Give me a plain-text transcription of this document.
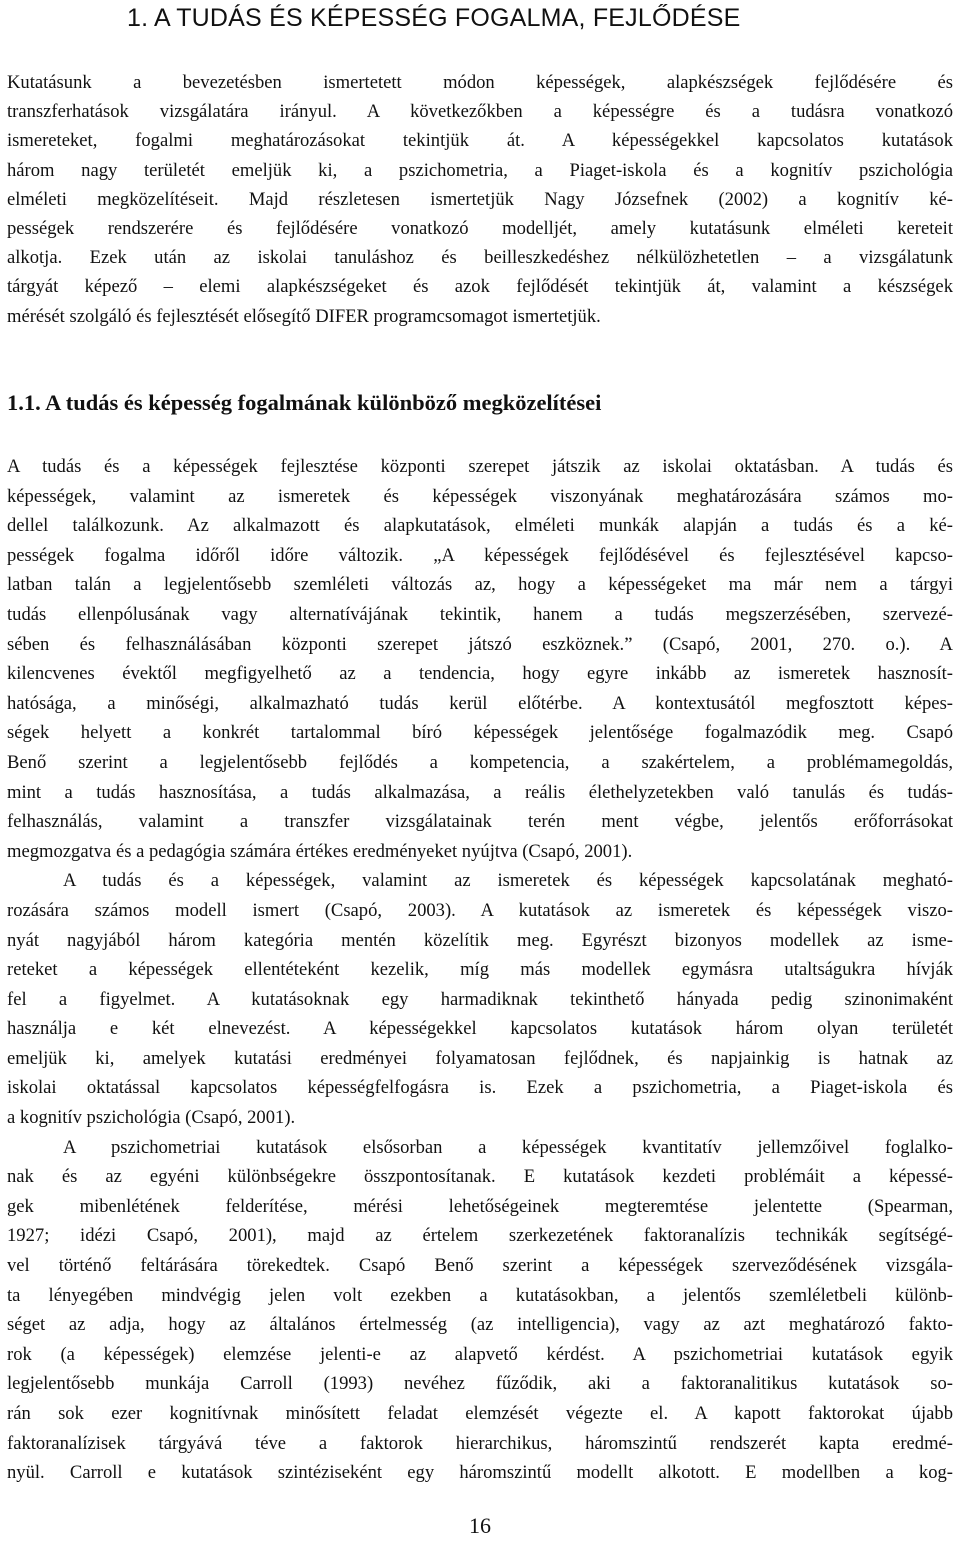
1. A TUDÁS ÉS KÉPESSÉG FOGALMA, FEJLŐDÉSE
Kutatásunk a bevezetésben ismertetett módon képességek, alapkészségek fejlődésére és
transzferhatások vizsgálatára irányul. A következőkben a képességre és a tudásra vonatkozó
ismereteket, fogalmi meghatározásokat tekintjük át. A képességekkel kapcsolatos kutatások
három nagy területét emeljük ki, a pszichometria, a Piaget-iskola és a kognitív pszichológia
elméleti megközelítéseit. Majd részletesen ismertetjük Nagy Józsefnek (2002) a kognitív ké-
pességek rendszerére és fejlődésére vonatkozó modelljét, amely kutatásunk elméleti kereteit
alkotja. Ezek után az iskolai tanuláshoz és beilleszkedéshez nélkülözhetetlen – a vizsgálatunk
tárgyát képező – elemi alapkészségeket és azok fejlődését tekintjük át, valamint a készségek
mérését szolgáló és fejlesztését elősegítő DIFER programcsomagot ismertetjük.
1.1. A tudás és képesség fogalmának különböző megközelítései
A tudás és a képességek fejlesztése központi szerepet játszik az iskolai oktatásban. A tudás és
képességek, valamint az ismeretek és képességek viszonyának meghatározására számos mo-
dellel találkozunk. Az alkalmazott és alapkutatások, elméleti munkák alapján a tudás és a ké-
pességek fogalma időről időre változik. „A képességek fejlődésével és fejlesztésével kapcso-
latban talán a legjelentősebb szemléleti változás az, hogy a képességeket ma már nem a tárgyi
tudás ellenpólusának vagy alternatívájának tekintik, hanem a tudás megszerzésében, szervezé-
sében és felhasználásában központi szerepet játszó eszköznek.” (Csapó, 2001, 270. o.). A
kilencvenes évektől megfigyelhető az a tendencia, hogy egyre inkább az ismeretek hasznosít-
hatósága, a minőségi, alkalmazható tudás kerül előtérbe. A kontextusától megfosztott képes-
ségek helyett a konkrét tartalommal bíró képességek jelentősége fogalmazódik meg. Csapó
Benő szerint a legjelentősebb fejlődés a kompetencia, a szakértelem, a problémamegoldás,
mint a tudás hasznosítása, a tudás alkalmazása, a reális élethelyzetekben való tanulás és tudás-
felhasználás, valamint a transzfer vizsgálatainak terén ment végbe, jelentős erőforrásokat
megmozgatva és a pedagógia számára értékes eredményeket nyújtva (Csapó, 2001).
A tudás és a képességek, valamint az ismeretek és képességek kapcsolatának megható-
rozására számos modell ismert (Csapó, 2003). A kutatások az ismeretek és képességek viszo-
nyát nagyjából három kategória mentén közelítik meg. Egyrészt bizonyos modellek az isme-
reteket a képességek ellentéteként kezelik, míg más modellek egymásra utaltságukra hívják
fel a figyelmet. A kutatásoknak egy harmadiknak tekinthető hányada pedig szinonimaként
használja e két elnevezést. A képességekkel kapcsolatos kutatások három olyan területét
emeljük ki, amelyek kutatási eredményei folyamatosan fejlődnek, és napjainkig is hatnak az
iskolai oktatással kapcsolatos képességfelfogásra is. Ezek a pszichometria, a Piaget-iskola és
a kognitív pszichológia (Csapó, 2001).
A pszichometriai kutatások elsősorban a képességek kvantitatív jellemzőivel foglalko-
nak és az egyéni különbségekre összpontosítanak. E kutatások kezdeti problémáit a képessé-
gek mibenlétének felderítése, mérési lehetőségeinek megteremtése jelentette (Spearman,
1927; idézi Csapó, 2001), majd az értelem szerkezetének faktoranalízis technikák segítségé-
vel történő feltárására törekedtek. Csapó Benő szerint a képességek szerveződésének vizsgála-
ta lényegében mindvégig jelen volt ezekben a kutatásokban, a jelentős szemléletbeli különb-
séget az adja, hogy az általános értelmesség (az intelligencia), vagy az azt meghatározó fakto-
rok (a képességek) elemzése jelenti-e az alapvető kérdést. A pszichometriai kutatások egyik
legjelentősebb munkája Carroll (1993) nevéhez fűződik, aki a faktoranalitikus kutatások so-
rán sok ezer kognitívnak minősített feladat elemzését végezte el. A kapott faktorokat újabb
faktoranalízisek tárgyává téve a faktorok hierarchikus, háromszintű rendszerét kapta eredmé-
nyül. Carroll e kutatások szintéziseként egy háromszintű modellt alkotott. E modellben a kog-
16
